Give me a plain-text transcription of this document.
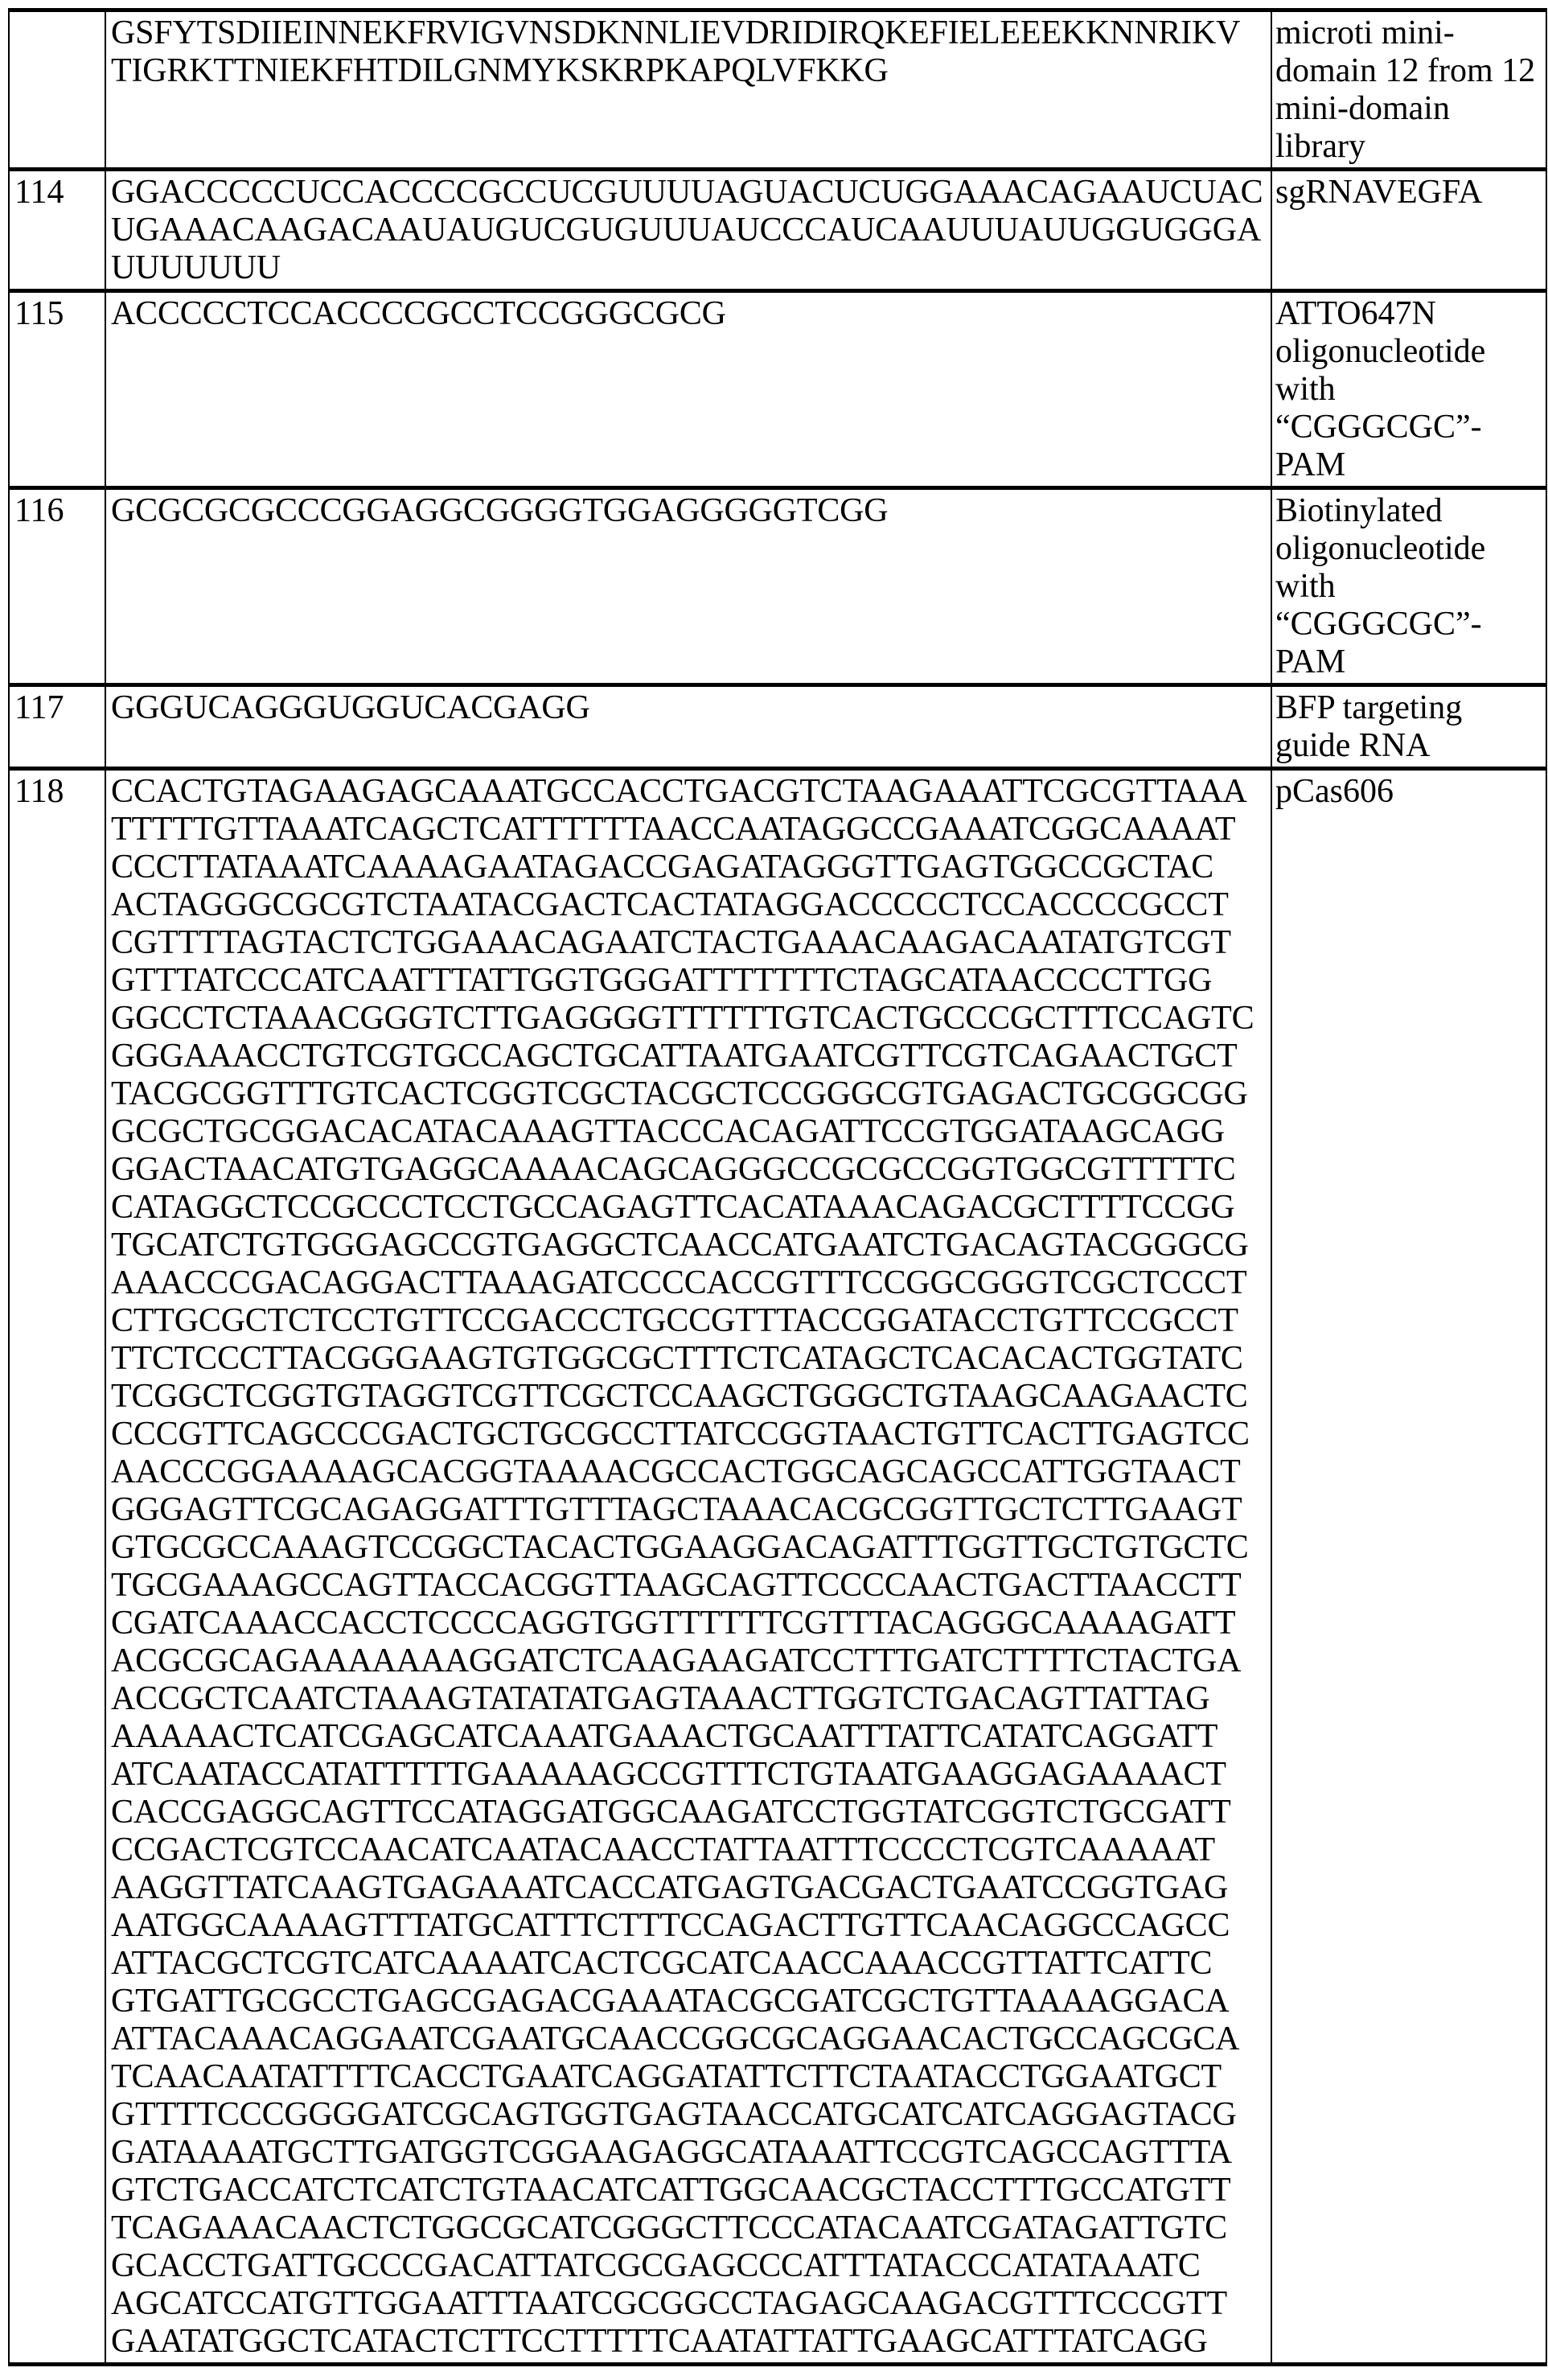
GSFYTSDIIEINNEKFRVIGVNSDKNNLIEVDRIDIRQKEFIELEEEKKNNRIKV
TIGRKTTNIEKFHTDILGNMYKSKRPKAPQLVFKKG

microti mini-
domain 12 from 12
mini-domain
library

114	GGACCCCCUCCACCCCGCCUCGUUUUAGUACUCUGGAAACAGAAUCUAC
UGAAACAAGACAAUAUGUCGUGUUUAUCCCAUCAAUUUAUUGGUGGGA
UUUUUUU

sgRNAVEGFA

115	ACCCCCTCCACCCCGCCTCCGGGCGCG	ATTO647N
oligonucleotide
with
“CGGGCGC”-
PAM

116	GCGCGCGCCCGGAGGCGGGGTGGAGGGGGTCGG	Biotinylated
oligonucleotide
with
“CGGGCGC”-
PAM

117	GGGUCAGGGUGGUCACGAGG	BFP targeting
guide RNA

118	CCACTGTAGAAGAGCAAATGCCACCTGACGTCTAAGAAATTCGCGTTAAA
TTTTTGTTAAATCAGCTCATTTTTTAACCAATAGGCCGAAATCGGCAAAAT
CCCTTATAAATCAAAAGAATAGACCGAGATAGGGTTGAGTGGCCGCTAC
ACTAGGGCGCGTCTAATACGACTCACTATAGGACCCCCTCCACCCCGCCT
CGTTTTAGTACTCTGGAAACAGAATCTACTGAAACAAGACAATATGTCGT
GTTTATCCCATCAATTTATTGGTGGGATTTTTTTCTAGCATAACCCCTTGG
GGCCTCTAAACGGGTCTTGAGGGGTTTTTTGTCACTGCCCGCTTTCCAGTC
GGGAAACCTGTCGTGCCAGCTGCATTAATGAATCGTTCGTCAGAACTGCT
TACGCGGTTTGTCACTCGGTCGCTACGCTCCGGGCGTGAGACTGCGGCGG
GCGCTGCGGACACATACAAAGTTACCCACAGATTCCGTGGATAAGCAGG
GGACTAACATGTGAGGCAAAACAGCAGGGCCGCGCCGGTGGCGTTTTTC
CATAGGCTCCGCCCTCCTGCCAGAGTTCACATAAACAGACGCTTTTCCGG
TGCATCTGTGGGAGCCGTGAGGCTCAACCATGAATCTGACAGTACGGGCG
AAACCCGACAGGACTTAAAGATCCCCACCGTTTCCGGCGGGTCGCTCCCT
CTTGCGCTCTCCTGTTCCGACCCTGCCGTTTACCGGATACCTGTTCCGCCT
TTCTCCCTTACGGGAAGTGTGGCGCTTTCTCATAGCTCACACACTGGTATC
TCGGCTCGGTGTAGGTCGTTCGCTCCAAGCTGGGCTGTAAGCAAGAACTC
CCCGTTCAGCCCGACTGCTGCGCCTTATCCGGTAACTGTTCACTTGAGTCC
AACCCGGAAAAGCACGGTAAAACGCCACTGGCAGCAGCCATTGGTAACT
GGGAGTTCGCAGAGGATTTGTTTAGCTAAACACGCGGTTGCTCTTGAAGT
GTGCGCCAAAGTCCGGCTACACTGGAAGGACAGATTTGGTTGCTGTGCTC
TGCGAAAGCCAGTTACCACGGTTAAGCAGTTCCCCAACTGACTTAACCTT
CGATCAAACCACCTCCCCAGGTGGTTTTTTCGTTTACAGGGCAAAAGATT
ACGCGCAGAAAAAAAGGATCTCAAGAAGATCCTTTGATCTTTTCTACTGA
ACCGCTCAATCTAAAGTATATATGAGTAAACTTGGTCTGACAGTTATTAG
AAAAACTCATCGAGCATCAAATGAAACTGCAATTTATTCATATCAGGATT
ATCAATACCATATTTTTGAAAAAGCCGTTTCTGTAATGAAGGAGAAAACT
CACCGAGGCAGTTCCATAGGATGGCAAGATCCTGGTATCGGTCTGCGATT
CCGACTCGTCCAACATCAATACAACCTATTAATTTCCCCTCGTCAAAAAT
AAGGTTATCAAGTGAGAAATCACCATGAGTGACGACTGAATCCGGTGAG
AATGGCAAAAGTTTATGCATTTCTTTCCAGACTTGTTCAACAGGCCAGCC
ATTACGCTCGTCATCAAAATCACTCGCATCAACCAAACCGTTATTCATTC
GTGATTGCGCCTGAGCGAGACGAAATACGCGATCGCTGTTAAAAGGACA
ATTACAAACAGGAATCGAATGCAACCGGCGCAGGAACACTGCCAGCGCA
TCAACAATATTTTCACCTGAATCAGGATATTCTTCTAATACCTGGAATGCT
GTTTTCCCGGGGATCGCAGTGGTGAGTAACCATGCATCATCAGGAGTACG
GATAAAATGCTTGATGGTCGGAAGAGGCATAAATTCCGTCAGCCAGTTTA
GTCTGACCATCTCATCTGTAACATCATTGGCAACGCTACCTTTGCCATGTT
TCAGAAACAACTCTGGCGCATCGGGCTTCCCATACAATCGATAGATTGTC
GCACCTGATTGCCCGACATTATCGCGAGCCCATTTATACCCATATAAATC
AGCATCCATGTTGGAATTTAATCGCGGCCTAGAGCAAGACGTTTCCCGTT
GAATATGGCTCATACTCTTCCTTTTTCAATATTATTGAAGCATTTATCAGG

pCas606
